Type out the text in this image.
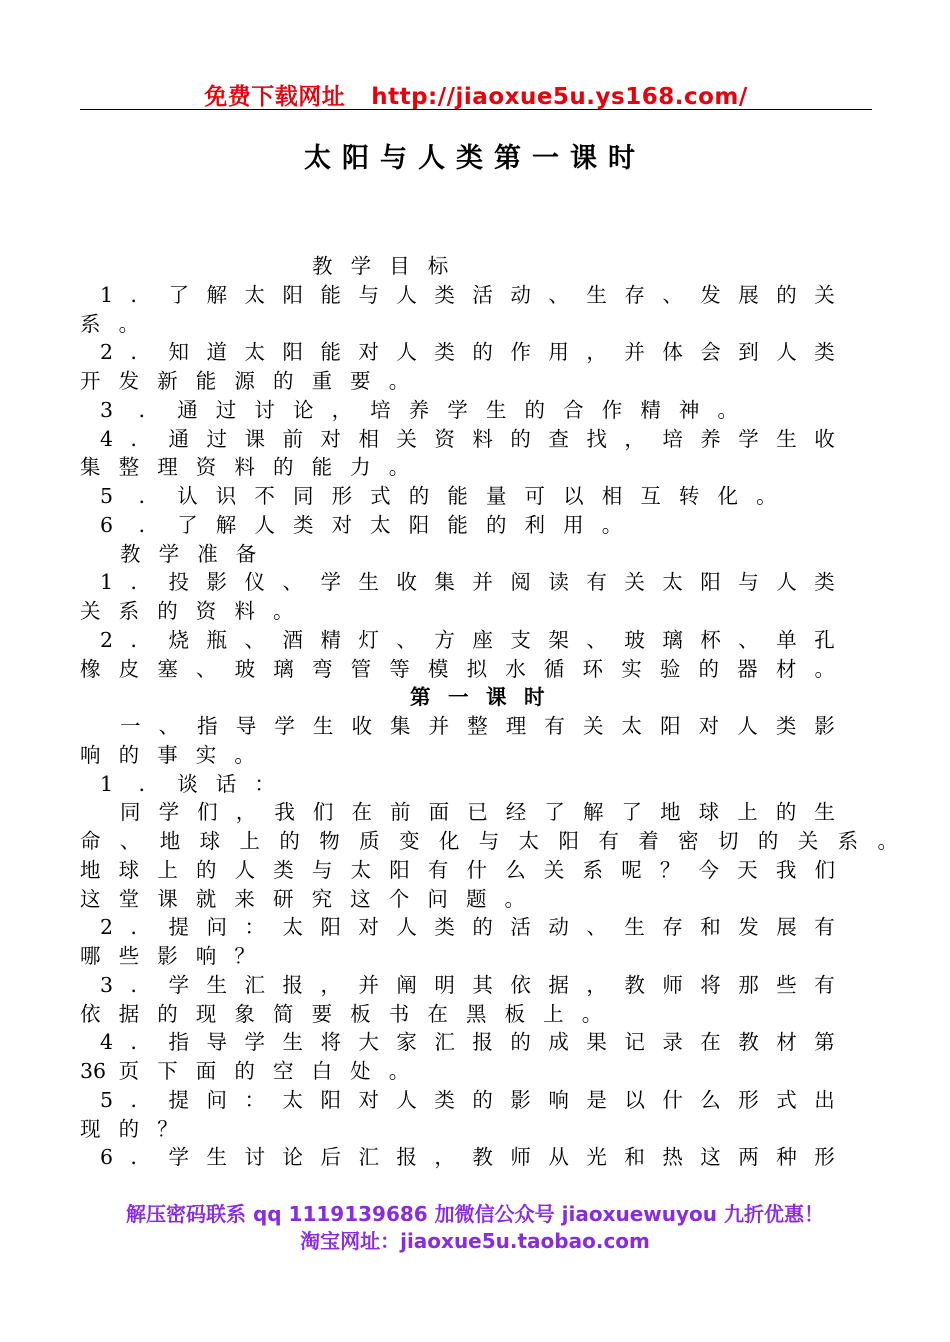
免费下载网址 http://jiaoxue5u.ys168.com/
太阳与人类第一课时
教 学 目 标
1 ． 了 解 太 阳 能 与 人 类 活 动 、 生 存 、 发 展 的 关
系 。
2 ． 知 道 太 阳 能 对 人 类 的 作 用 ， 并 体 会 到 人 类
开 发 新 能 源 的 重 要 。
3 ． 通 过 讨 论 ， 培 养 学 生 的 合 作 精 神 。
4 ． 通 过 课 前 对 相 关 资 料 的 查 找 ， 培 养 学 生 收
集 整 理 资 料 的 能 力 。
5 ． 认 识 不 同 形 式 的 能 量 可 以 相 互 转 化 。
6 ． 了 解 人 类 对 太 阳 能 的 利 用 。
教 学 准 备
1 ． 投 影 仪 、 学 生 收 集 并 阅 读 有 关 太 阳 与 人 类
关 系 的 资 料 。
2 ． 烧 瓶 、 酒 精 灯 、 方 座 支 架 、 玻 璃 杯 、 单 孔
橡 皮 塞 、 玻 璃 弯 管 等 模 拟 水 循 环 实 验 的 器 材 。
第 一 课 时
一 、 指 导 学 生 收 集 并 整 理 有 关 太 阳 对 人 类 影
响 的 事 实 。
1 ． 谈 话 ：
同 学 们 ， 我 们 在 前 面 已 经 了 解 了 地 球 上 的 生
命 、 地 球 上 的 物 质 变 化 与 太 阳 有 着 密 切 的 关 系 。
地 球 上 的 人 类 与 太 阳 有 什 么 关 系 呢 ？ 今 天 我 们
这 堂 课 就 来 研 究 这 个 问 题 。
2 ． 提 问 ： 太 阳 对 人 类 的 活 动 、 生 存 和 发 展 有
哪 些 影 响 ？
3 ． 学 生 汇 报 ， 并 阐 明 其 依 据 ， 教 师 将 那 些 有
依 据 的 现 象 简 要 板 书 在 黑 板 上 。
4 ． 指 导 学 生 将 大 家 汇 报 的 成 果 记 录 在 教 材 第
36 页 下 面 的 空 白 处 。
5 ． 提 问 ： 太 阳 对 人 类 的 影 响 是 以 什 么 形 式 出
现 的 ？
6 ． 学 生 讨 论 后 汇 报 ， 教 师 从 光 和 热 这 两 种 形
解压密码联系 qq 1119139686 加微信公众号 jiaoxuewuyou 九折优惠！
淘宝网址：jiaoxue5u.taobao.com
